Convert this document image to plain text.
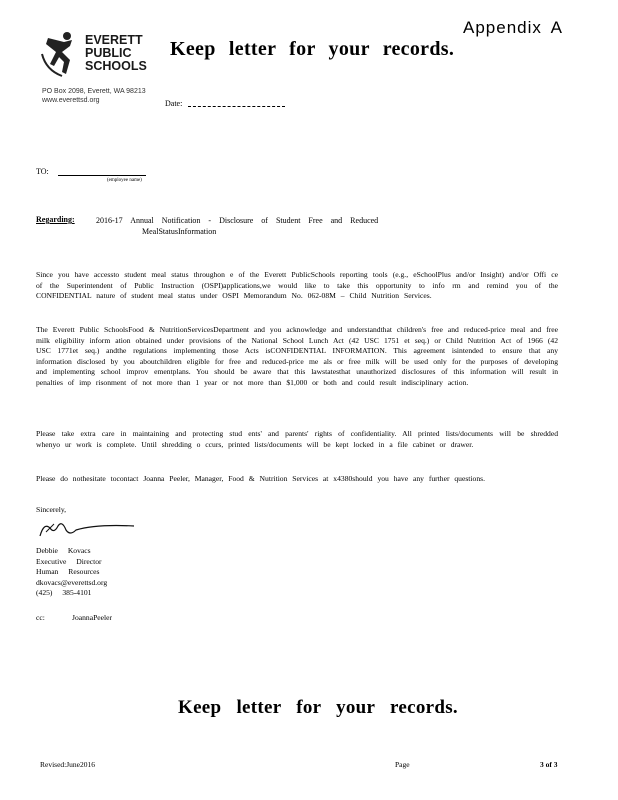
Appendix A
EVERETT
PUBLIC
SCHOOLS
PO Box 2098, Everett, WA 98213
www.everettsd.org
Keep letter for your records.
Date:
TO:
(employee name)
Regarding:	2016-17 Annual Notification - Disclosure of Student Free and Reduced
MealStatusInformation
Since you have accessto student meal status throughon e of the Everett PublicSchools reporting tools (e.g., eSchoolPlus and/or Insight) and/or Offi ce of the Superintendent of Public Instruction (OSPI)applications,we would like to take this opportunity to info rm and remind you of the CONFIDENTIAL nature of student meal status under OSPI Memorandum No. 062-08M – Child Nutrition Services.
The Everett Public SchoolsFood & NutritionServicesDepartment and you acknowledge and understandthat children's free and reduced-price meal and free milk eligibility inform ation obtained under provisions of the National School Lunch Act (42 USC 1751 et seq.) or Child Nutrition Act of 1966 (42 USC 1771et seq.) andthe regulations implementing those Acts isCONFIDENTIAL INFORMATION. This agreement isintended to ensure that any information disclosed by you aboutchildren eligible for free and reduced-price me als or free milk will be used only for the purposes of developing and implementing school improv ementplans. You should be aware that this lawstatesthat unauthorized disclosures of this information will result in penalties of imp risonment of not more than 1 year or not more than $1,000 or both and could result indisciplinary action.
Please take extra care in maintaining and protecting stud ents' and parents' rights of confidentiality. All printed lists/documents will be shredded whenyo ur work is complete. Until shredding o ccurs, printed lists/documents will be kept locked in a file cabinet or drawer.
Please do nothesitate tocontact Joanna Peeler, Manager, Food & Nutrition Services at x4380should you have any further questions.
Sincerely,
Debbie Kovacs
Executive Director
Human Resources
dkovacs@everettsd.org
(425) 385-4101
cc:	JoannaPeeler
Keep letter for your records.
Revised:June2016	Page	3 of 3
